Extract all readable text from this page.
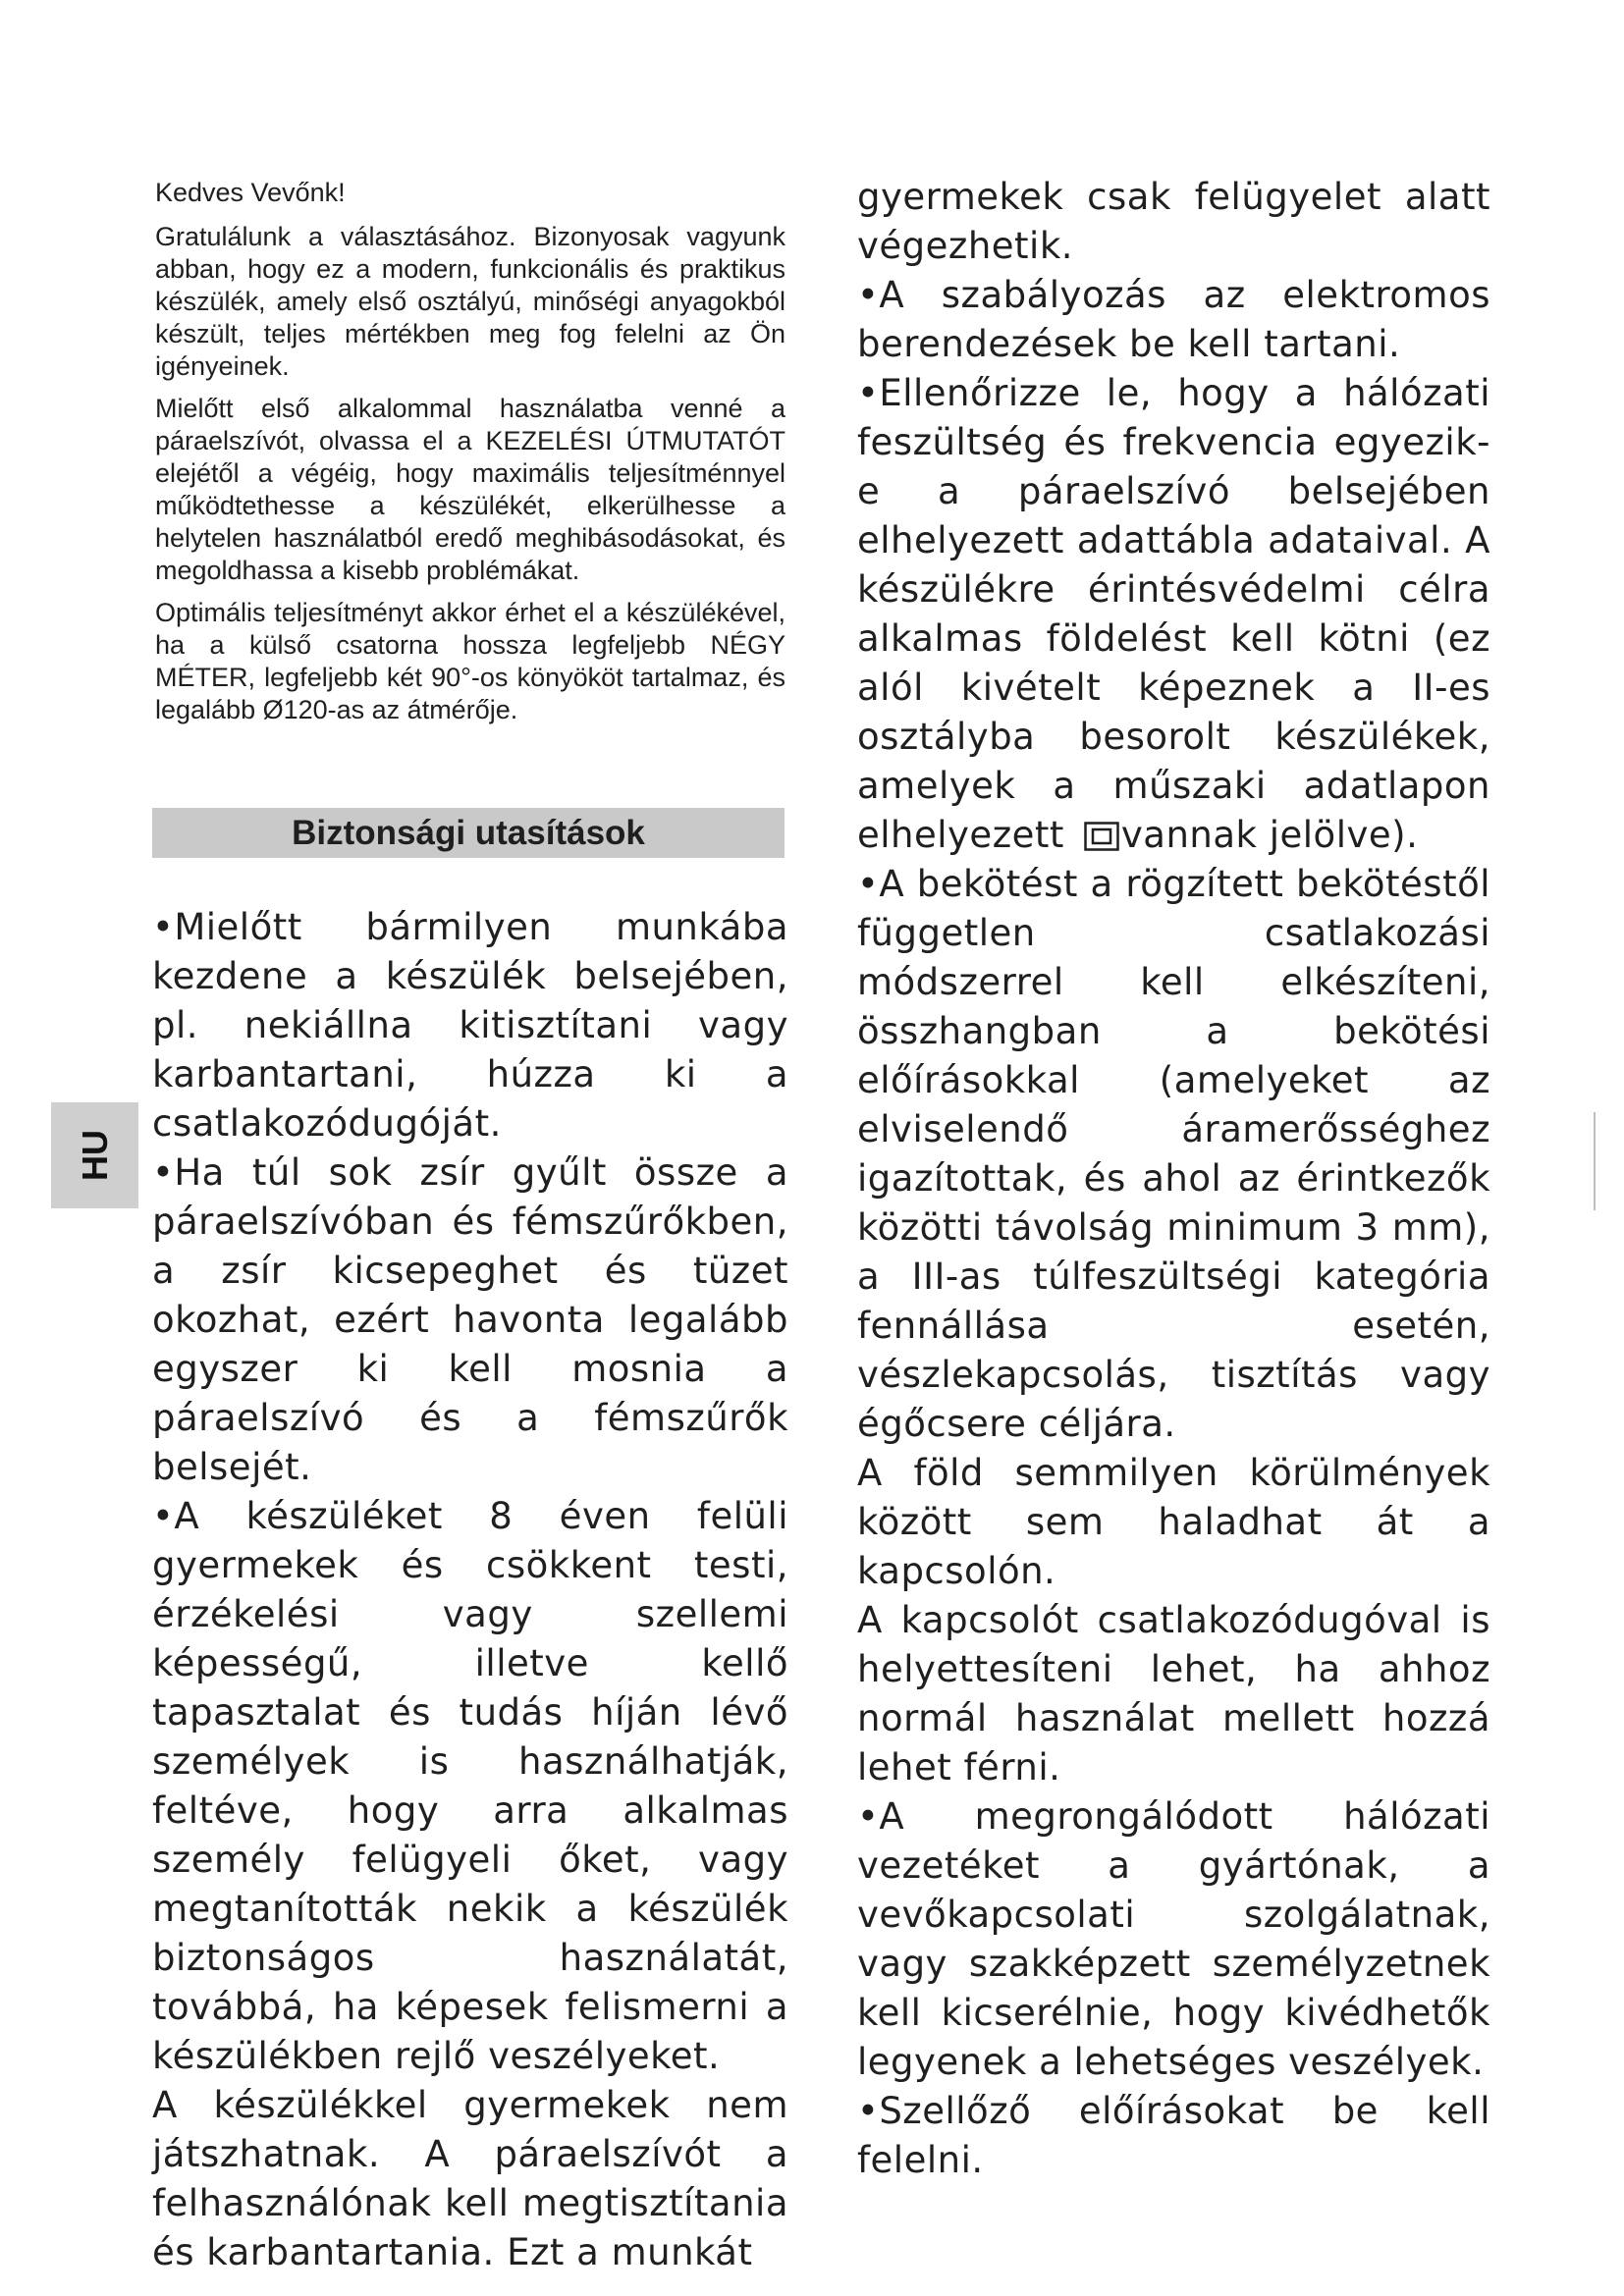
Kedves Vevőnk!

Gratulálunk a választásához. Bizonyosak vagyunk abban, hogy ez a modern, funkcionális és praktikus készülék, amely első osztályú, minőségi anyagokból készült, teljes mértékben meg fog felelni az Ön igényeinek.

Mielőtt első alkalommal használatba venné a páraelszívót, olvassa el a KEZELÉSI ÚTMUTATÓT elejétől a végéig, hogy maximális teljesítménnyel működtethesse a készülékét, elkerülhesse a helytelen használatból eredő meghibásodásokat, és megoldhassa a kisebb problémákat.

Optimális teljesítményt akkor érhet el a készülékével, ha a külső csatorna hossza legfeljebb NÉGY MÉTER, legfeljebb két 90°-os könyököt tartalmaz, és legalább Ø120-as az átmérője.

Biztonsági utasítások

•Mielőtt bármilyen munkába kezdene a készülék belsejében, pl. nekiállna kitisztítani vagy karbantartani, húzza ki a csatlakozódugóját.

•Ha túl sok zsír gyűlt össze a páraelszívóban és fémszűrőkben, a zsír kicsepeghet és tüzet okozhat, ezért havonta legalább egyszer ki kell mosnia a páraelszívó és a fémszűrők belsejét.

•A készüléket 8 éven felüli gyermekek és csökkent testi, érzékelési vagy szellemi képességű, illetve kellő tapasztalat és tudás híján lévő személyek is használhatják, feltéve, hogy arra alkalmas személy felügyeli őket, vagy megtanították nekik a készülék biztonságos használatát, továbbá, ha képesek felismerni a készülékben rejlő veszélyeket.

A készülékkel gyermekek nem játszhatnak. A páraelszívót a felhasználónak kell megtisztítania és karbantartania. Ezt a munkát

gyermekek csak felügyelet alatt végezhetik.

•A szabályozás az elektromos berendezések be kell tartani.

•Ellenőrizze le, hogy a hálózati feszültség és frekvencia egyezik-e a páraelszívó belsejében elhelyezett adattábla adataival. A készülékre érintésvédelmi célra alkalmas földelést kell kötni (ez alól kivételt képeznek a II-es osztályba besorolt készülékek, amelyek a műszaki adatlapon elhelyezett vannak jelölve).

•A bekötést a rögzített bekötéstől független csatlakozási módszerrel kell elkészíteni, összhangban a bekötési előírásokkal (amelyeket az elviselendő áramerősséghez igazítottak, és ahol az érintkezők közötti távolság minimum 3 mm), a III-as túlfeszültségi kategória fennállása esetén, vészlekapcsolás, tisztítás vagy égőcsere céljára.

A föld semmilyen körülmények között sem haladhat át a kapcsolón.

A kapcsolót csatlakozódugóval is helyettesíteni lehet, ha ahhoz normál használat mellett hozzá lehet férni.

•A megrongálódott hálózati vezetéket a gyártónak, a vevőkapcsolati szolgálatnak, vagy szakképzett személyzetnek kell kicserélnie, hogy kivédhetők legyenek a lehetséges veszélyek.

•Szellőző előírásokat be kell felelni.

HU
